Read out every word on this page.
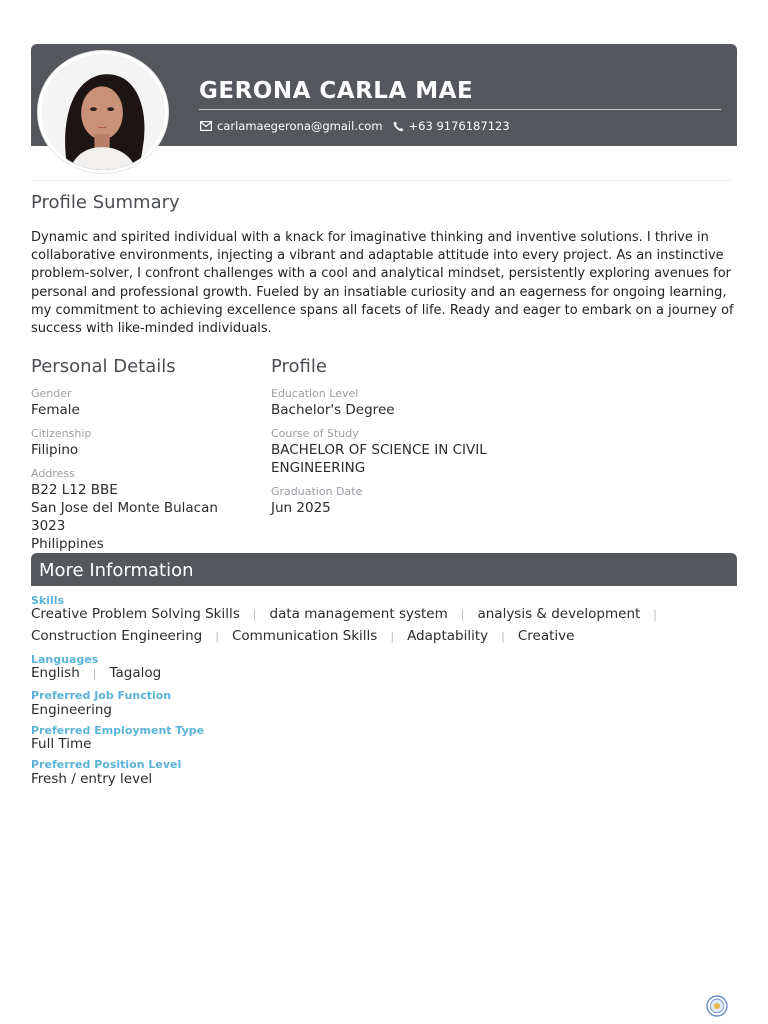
GERONA CARLA MAE
carlamaegerona@gmail.com +63 9176187123
Profile Summary
Dynamic and spirited individual with a knack for imaginative thinking and inventive solutions. I thrive in collaborative environments, injecting a vibrant and adaptable attitude into every project. As an instinctive problem-solver, I confront challenges with a cool and analytical mindset, persistently exploring avenues for personal and professional growth. Fueled by an insatiable curiosity and an eagerness for ongoing learning, my commitment to achieving excellence spans all facets of life. Ready and eager to embark on a journey of success with like-minded individuals.
Personal Details
Gender
Female
Citizenship
Filipino
Address
B22 L12 BBE
San Jose del Monte Bulacan
3023
Philippines
Profile
Education Level
Bachelor's Degree
Course of Study
BACHELOR OF SCIENCE IN CIVIL
ENGINEERING
Graduation Date
Jun 2025
More Information
Skills
Creative Problem Solving Skills | data management system | analysis & development |
Construction Engineering | Communication Skills | Adaptability | Creative
Languages
English | Tagalog
Preferred Job Function
Engineering
Preferred Employment Type
Full Time
Preferred Position Level
Fresh / entry level
